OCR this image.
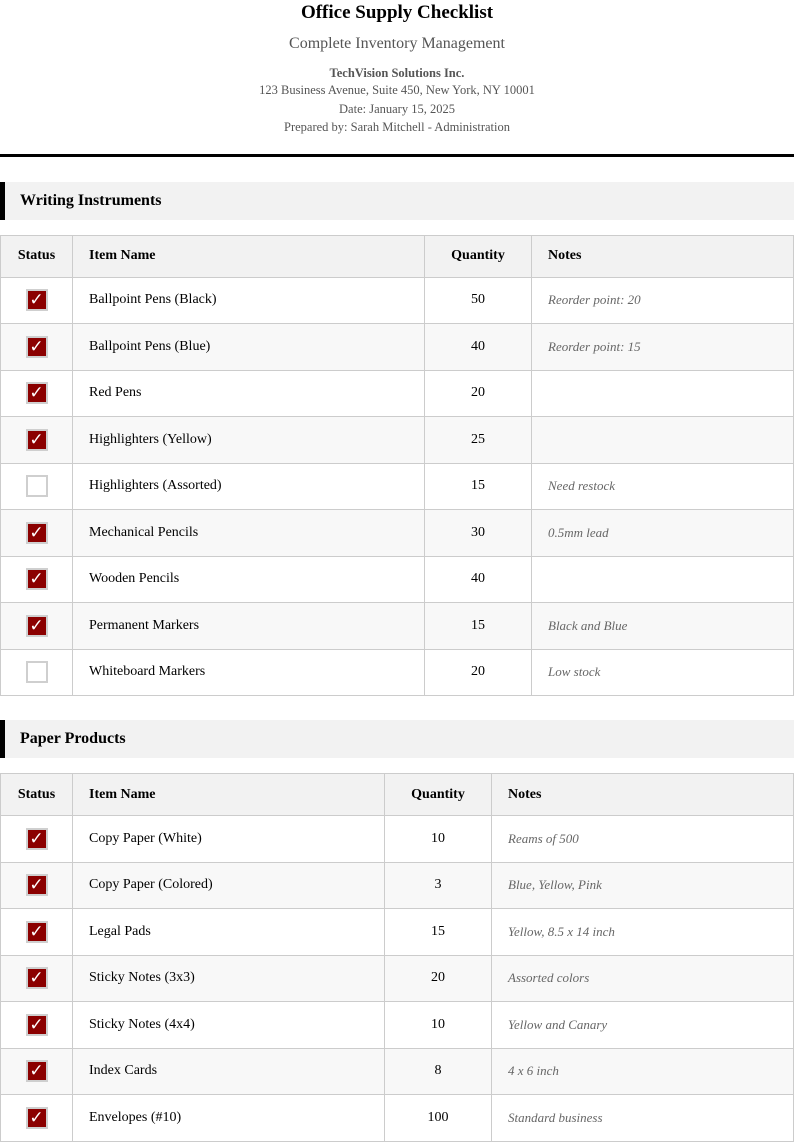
Office Supply Checklist
Complete Inventory Management
TechVision Solutions Inc.
123 Business Avenue, Suite 450, New York, NY 10001
Date: January 15, 2025
Prepared by: Sarah Mitchell - Administration
Writing Instruments
Status	Item Name	Quantity	Notes
✓	Ballpoint Pens (Black)	50	Reorder point: 20
✓	Ballpoint Pens (Blue)	40	Reorder point: 15
✓	Red Pens	20	
✓	Highlighters (Yellow)	25	
	Highlighters (Assorted)	15	Need restock
✓	Mechanical Pencils	30	0.5mm lead
✓	Wooden Pencils	40	
✓	Permanent Markers	15	Black and Blue
	Whiteboard Markers	20	Low stock
Paper Products
Status	Item Name	Quantity	Notes
✓	Copy Paper (White)	10	Reams of 500
✓	Copy Paper (Colored)	3	Blue, Yellow, Pink
✓	Legal Pads	15	Yellow, 8.5 x 14 inch
✓	Sticky Notes (3x3)	20	Assorted colors
✓	Sticky Notes (4x4)	10	Yellow and Canary
✓	Index Cards	8	4 x 6 inch
✓	Envelopes (#10)	100	Standard business
